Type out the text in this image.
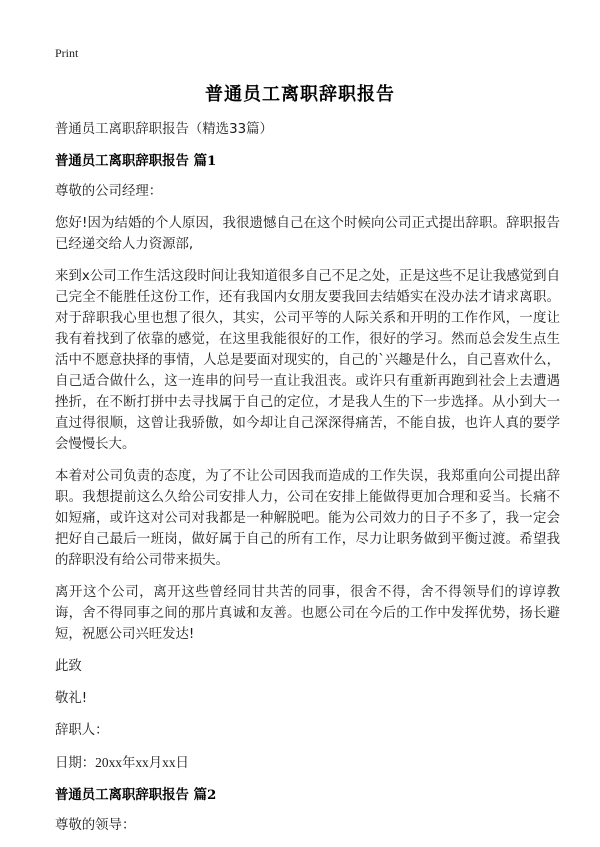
Print
普通员工离职辞职报告

普通员工离职辞职报告（精选33篇）

普通员工离职辞职报告 篇1

尊敬的公司经理：

您好!因为结婚的个人原因，我很遗憾自己在这个时候向公司正式提出辞职。辞职报告已经递交给人力资源部,

来到x公司工作生活这段时间让我知道很多自己不足之处，正是这些不足让我感觉到自己完全不能胜任这份工作，还有我国内女朋友要我回去结婚实在没办法才请求离职。对于辞职我心里也想了很久，其实，公司平等的人际关系和开明的工作作风，一度让我有着找到了依靠的感觉，在这里我能很好的工作，很好的学习。然而总会发生点生活中不愿意抉择的事情，人总是要面对现实的，自己的`兴趣是什么，自己喜欢什么，自己适合做什么，这一连串的问号一直让我沮丧。或许只有重新再跑到社会上去遭遇挫折，在不断打拼中去寻找属于自己的定位，才是我人生的下一步选择。从小到大一直过得很顺，这曾让我骄傲，如今却让自己深深得痛苦，不能自拔，也许人真的要学会慢慢长大。

本着对公司负责的态度，为了不让公司因我而造成的工作失误，我郑重向公司提出辞职。我想提前这么久给公司安排人力，公司在安排上能做得更加合理和妥当。长痛不如短痛，或许这对公司对我都是一种解脱吧。能为公司效力的日子不多了，我一定会把好自己最后一班岗，做好属于自己的所有工作，尽力让职务做到平衡过渡。希望我的辞职没有给公司带来损失。

离开这个公司，离开这些曾经同甘共苦的同事，很舍不得，舍不得领导们的谆谆教诲，舍不得同事之间的那片真诚和友善。也愿公司在今后的工作中发挥优势，扬长避短，祝愿公司兴旺发达!

此致

敬礼!

辞职人：

日期：20xx年xx月xx日

普通员工离职辞职报告 篇2

尊敬的领导：
